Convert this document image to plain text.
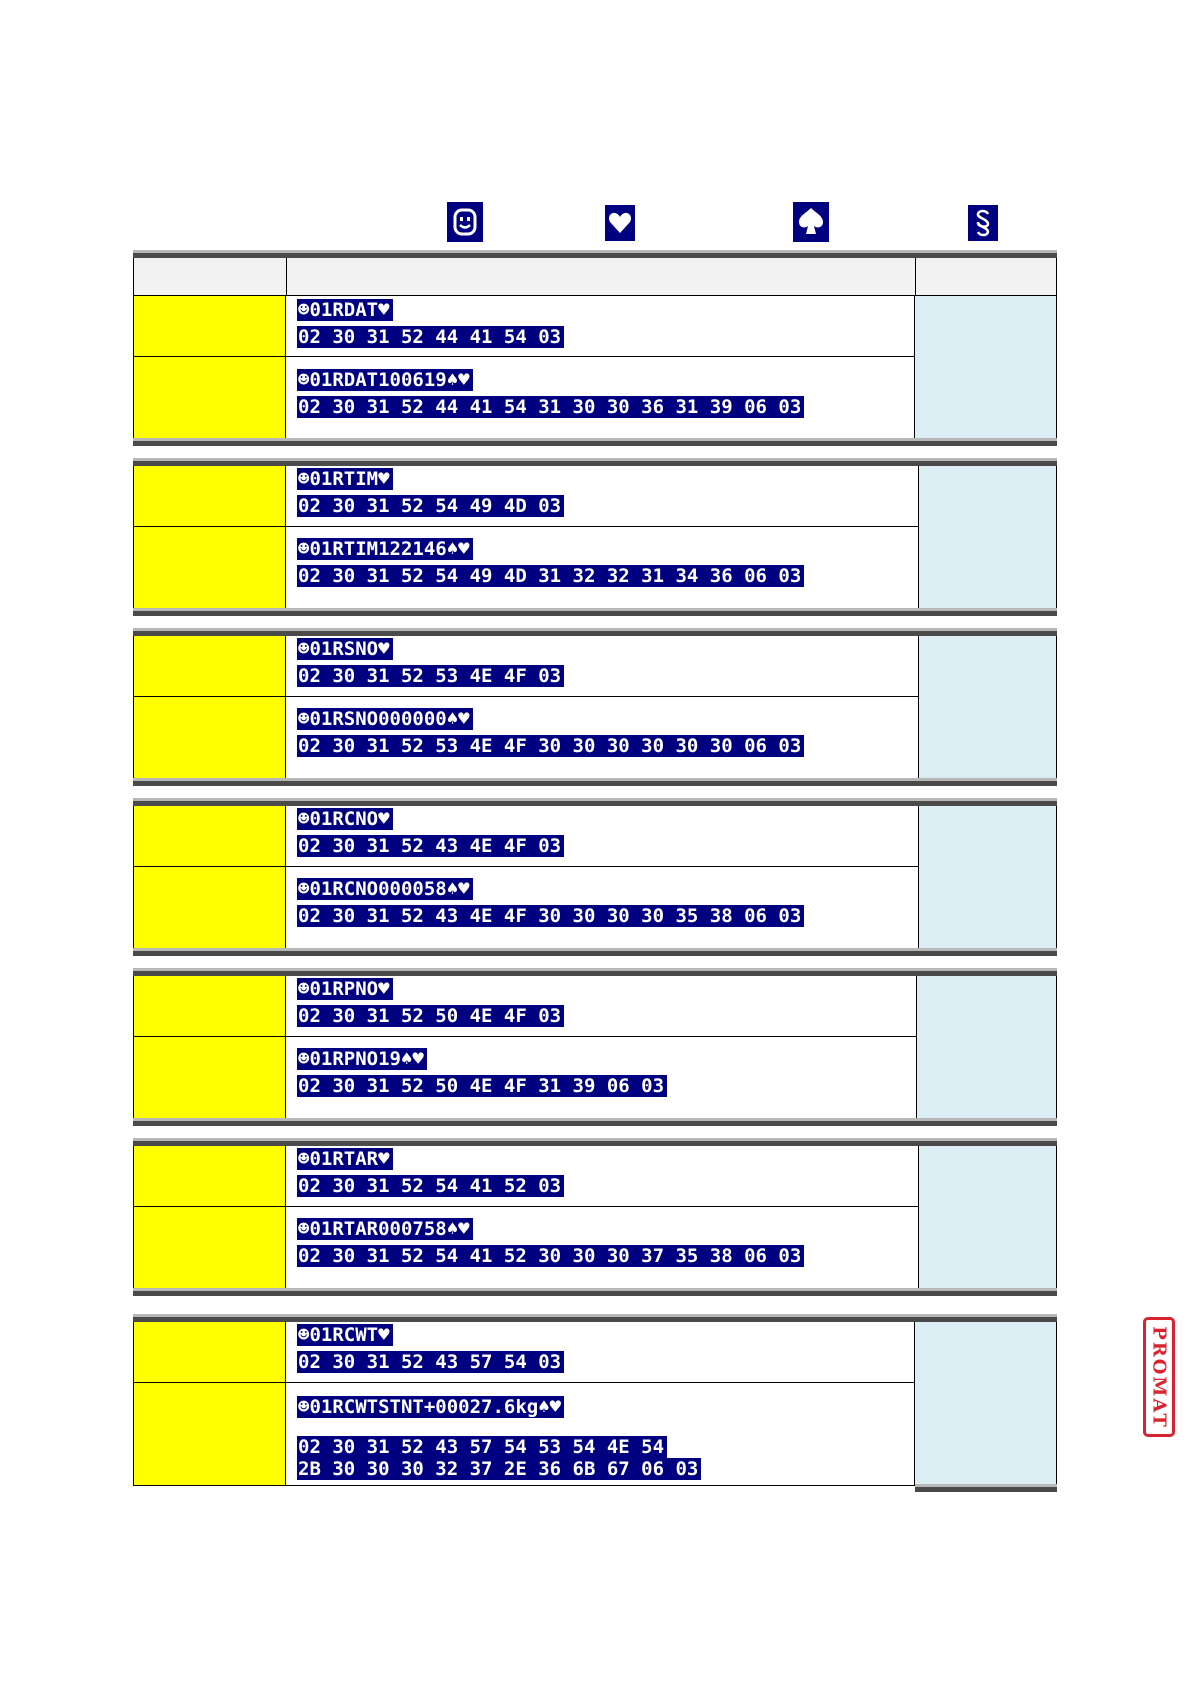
☻01RDAT♥
02 30 31 52 44 41 54 03
☻01RDAT100619♠♥
02 30 31 52 44 41 54 31 30 30 36 31 39 06 03
☻01RTIM♥
02 30 31 52 54 49 4D 03
☻01RTIM122146♠♥
02 30 31 52 54 49 4D 31 32 32 31 34 36 06 03
☻01RSNO♥
02 30 31 52 53 4E 4F 03
☻01RSNO000000♠♥
02 30 31 52 53 4E 4F 30 30 30 30 30 30 06 03
☻01RCNO♥
02 30 31 52 43 4E 4F 03
☻01RCNO000058♠♥
02 30 31 52 43 4E 4F 30 30 30 30 35 38 06 03
☻01RPNO♥
02 30 31 52 50 4E 4F 03
☻01RPNO19♠♥
02 30 31 52 50 4E 4F 31 39 06 03
☻01RTAR♥
02 30 31 52 54 41 52 03
☻01RTAR000758♠♥
02 30 31 52 54 41 52 30 30 30 37 35 38 06 03
☻01RCWT♥
02 30 31 52 43 57 54 03
☻01RCWTSTNT+00027.6kg♠♥
02 30 31 52 43 57 54 53 54 4E 54
2B 30 30 30 32 37 2E 36 6B 67 06 03
PROMAT
